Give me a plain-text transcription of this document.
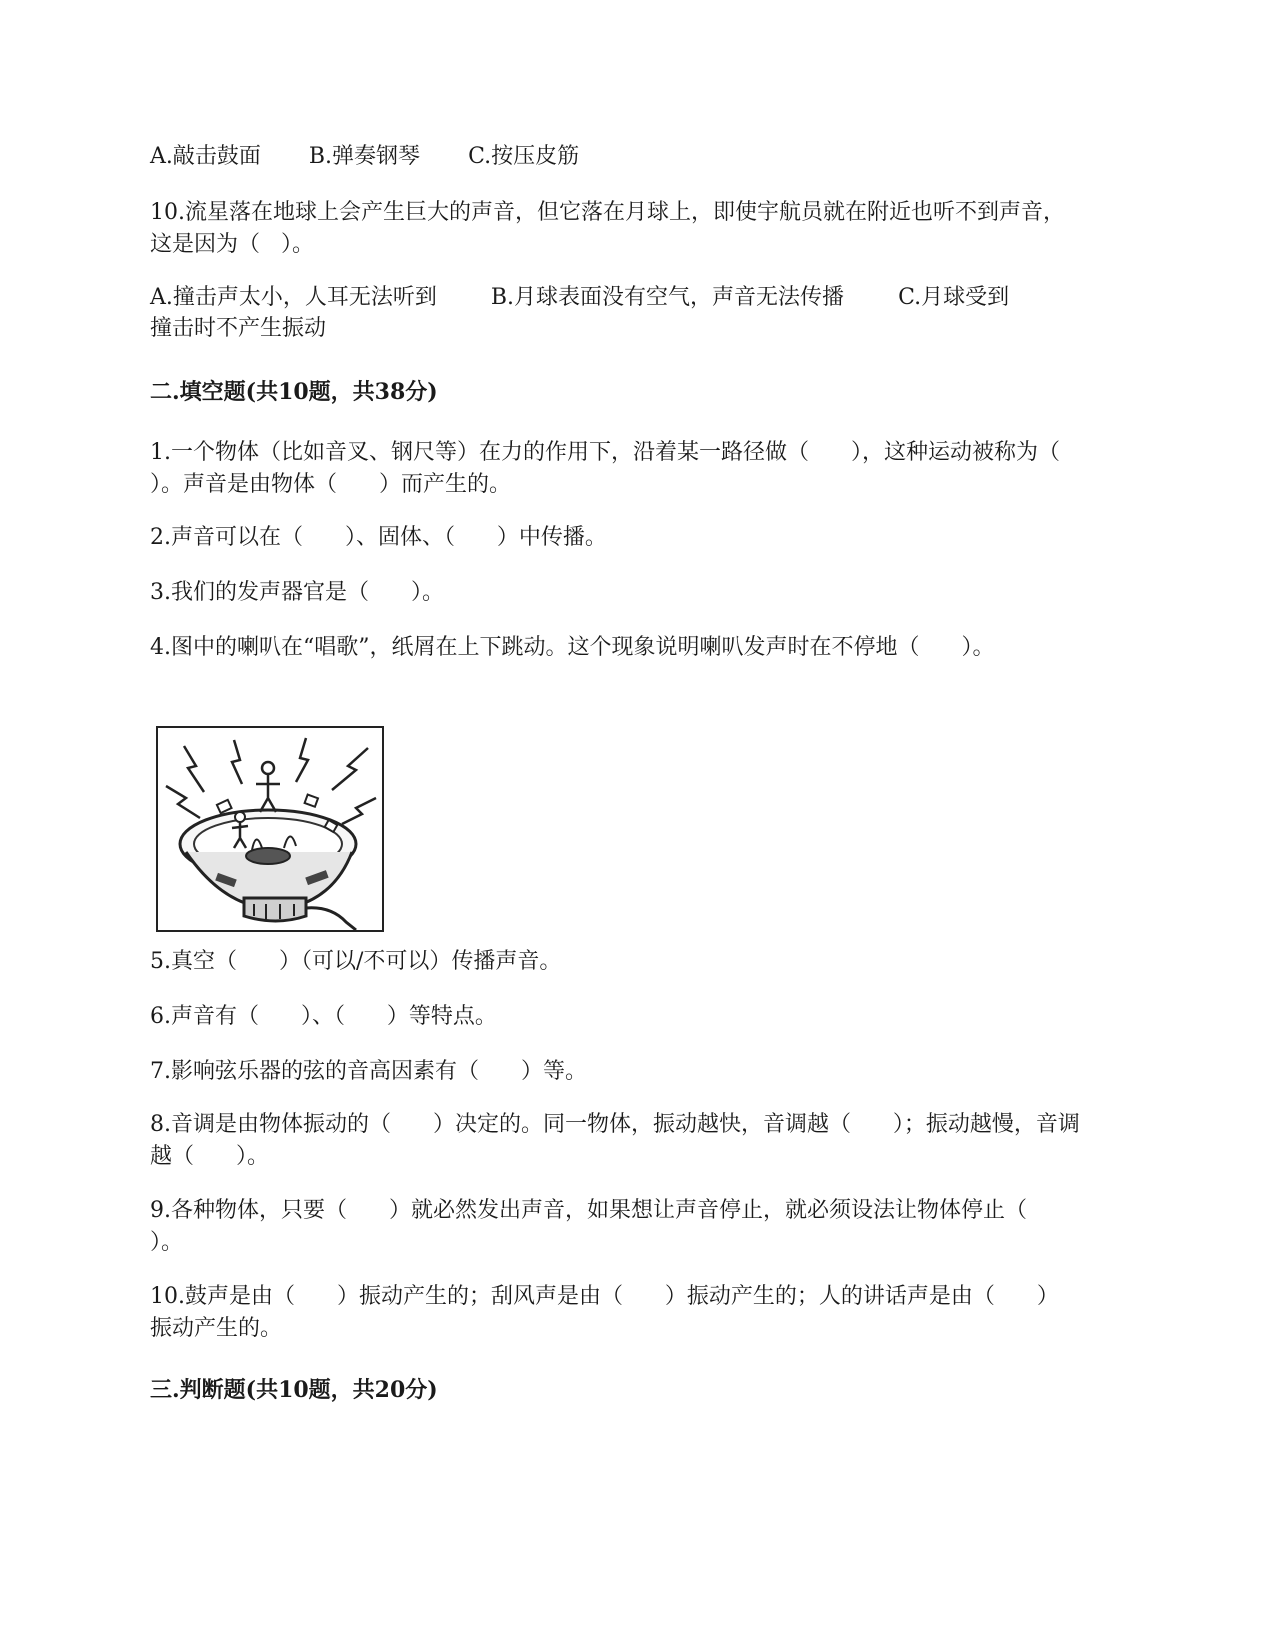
A.敲击鼓面 B.弹奏钢琴 C.按压皮筋
10.流星落在地球上会产生巨大的声音，但它落在月球上，即使宇航员就在附近也听不到声音，这是因为（   ）。
A.撞击声太小，人耳无法听到 B.月球表面没有空气，声音无法传播 C.月球受到
撞击时不产生振动
二.填空题(共10题，共38分)
1.一个物体（比如音叉、钢尺等）在力的作用下，沿着某一路径做（      ），这种运动被称为（      ）。声音是由物体（      ）而产生的。
2.声音可以在（      ）、固体、（      ）中传播。
3.我们的发声器官是（      ）。
4.图中的喇叭在“唱歌”，纸屑在上下跳动。这个现象说明喇叭发声时在不停地（      ）。
5.真空（      ）（可以/不可以）传播声音。
6.声音有（      ）、（      ）等特点。
7.影响弦乐器的弦的音高因素有（      ）等。
8.音调是由物体振动的（      ）决定的。同一物体，振动越快，音调越（      ）；振动越慢，音调越（      ）。
9.各种物体，只要（      ）就必然发出声音，如果想让声音停止，就必须设法让物体停止（      ）。
10.鼓声是由（      ）振动产生的；刮风声是由（      ）振动产生的；人的讲话声是由（      ）振动产生的。
三.判断题(共10题，共20分)
